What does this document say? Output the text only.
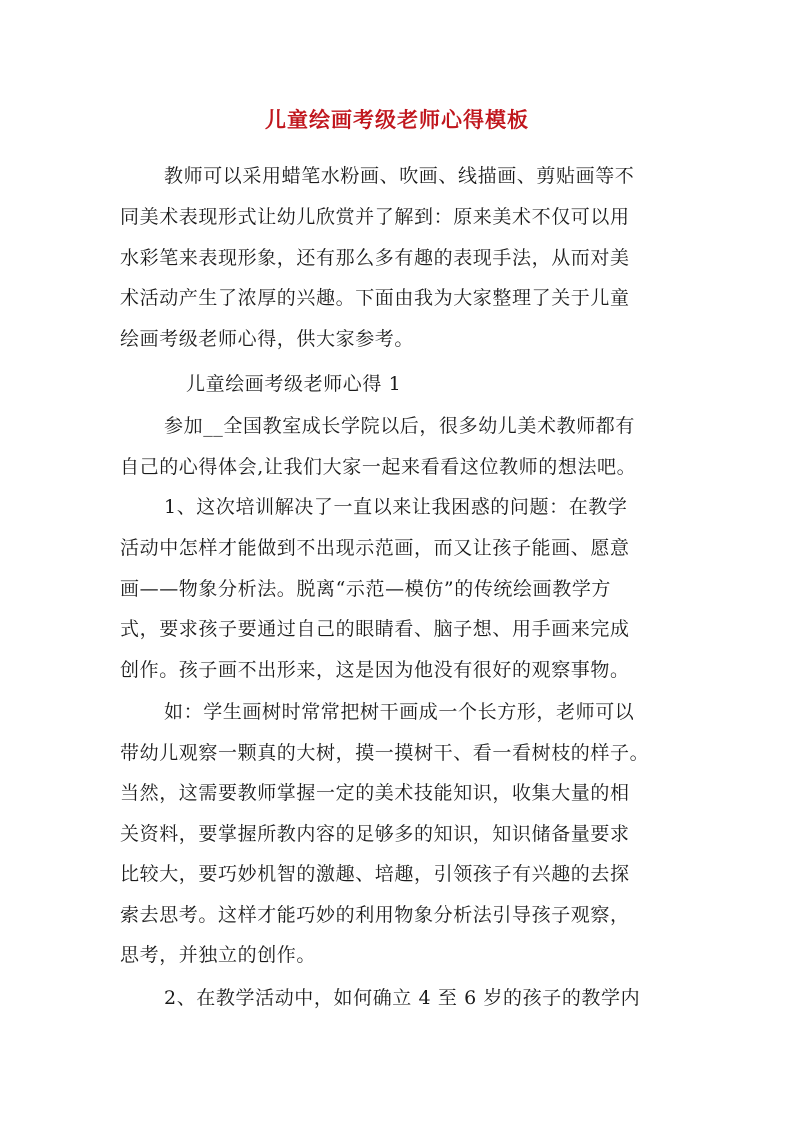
儿童绘画考级老师心得模板
教师可以采用蜡笔水粉画、吹画、线描画、剪贴画等不
同美术表现形式让幼儿欣赏并了解到：原来美术不仅可以用
水彩笔来表现形象，还有那么多有趣的表现手法，从而对美
术活动产生了浓厚的兴趣。下面由我为大家整理了关于儿童
绘画考级老师心得，供大家参考。
儿童绘画考级老师心得 1
参加__全国教室成长学院以后，很多幼儿美术教师都有
自己的心得体会,让我们大家一起来看看这位教师的想法吧。
1、这次培训解决了一直以来让我困惑的问题：在教学
活动中怎样才能做到不出现示范画，而又让孩子能画、愿意
画——物象分析法。脱离“示范—模仿”的传统绘画教学方
式，要求孩子要通过自己的眼睛看、脑子想、用手画来完成
创作。孩子画不出形来，这是因为他没有很好的观察事物。
如：学生画树时常常把树干画成一个长方形，老师可以
带幼儿观察一颗真的大树，摸一摸树干、看一看树枝的样子。
当然，这需要教师掌握一定的美术技能知识，收集大量的相
关资料，要掌握所教内容的足够多的知识，知识储备量要求
比较大，要巧妙机智的激趣、培趣，引领孩子有兴趣的去探
索去思考。这样才能巧妙的利用物象分析法引导孩子观察，
思考，并独立的创作。
2、在教学活动中，如何确立 4 至 6 岁的孩子的教学内
